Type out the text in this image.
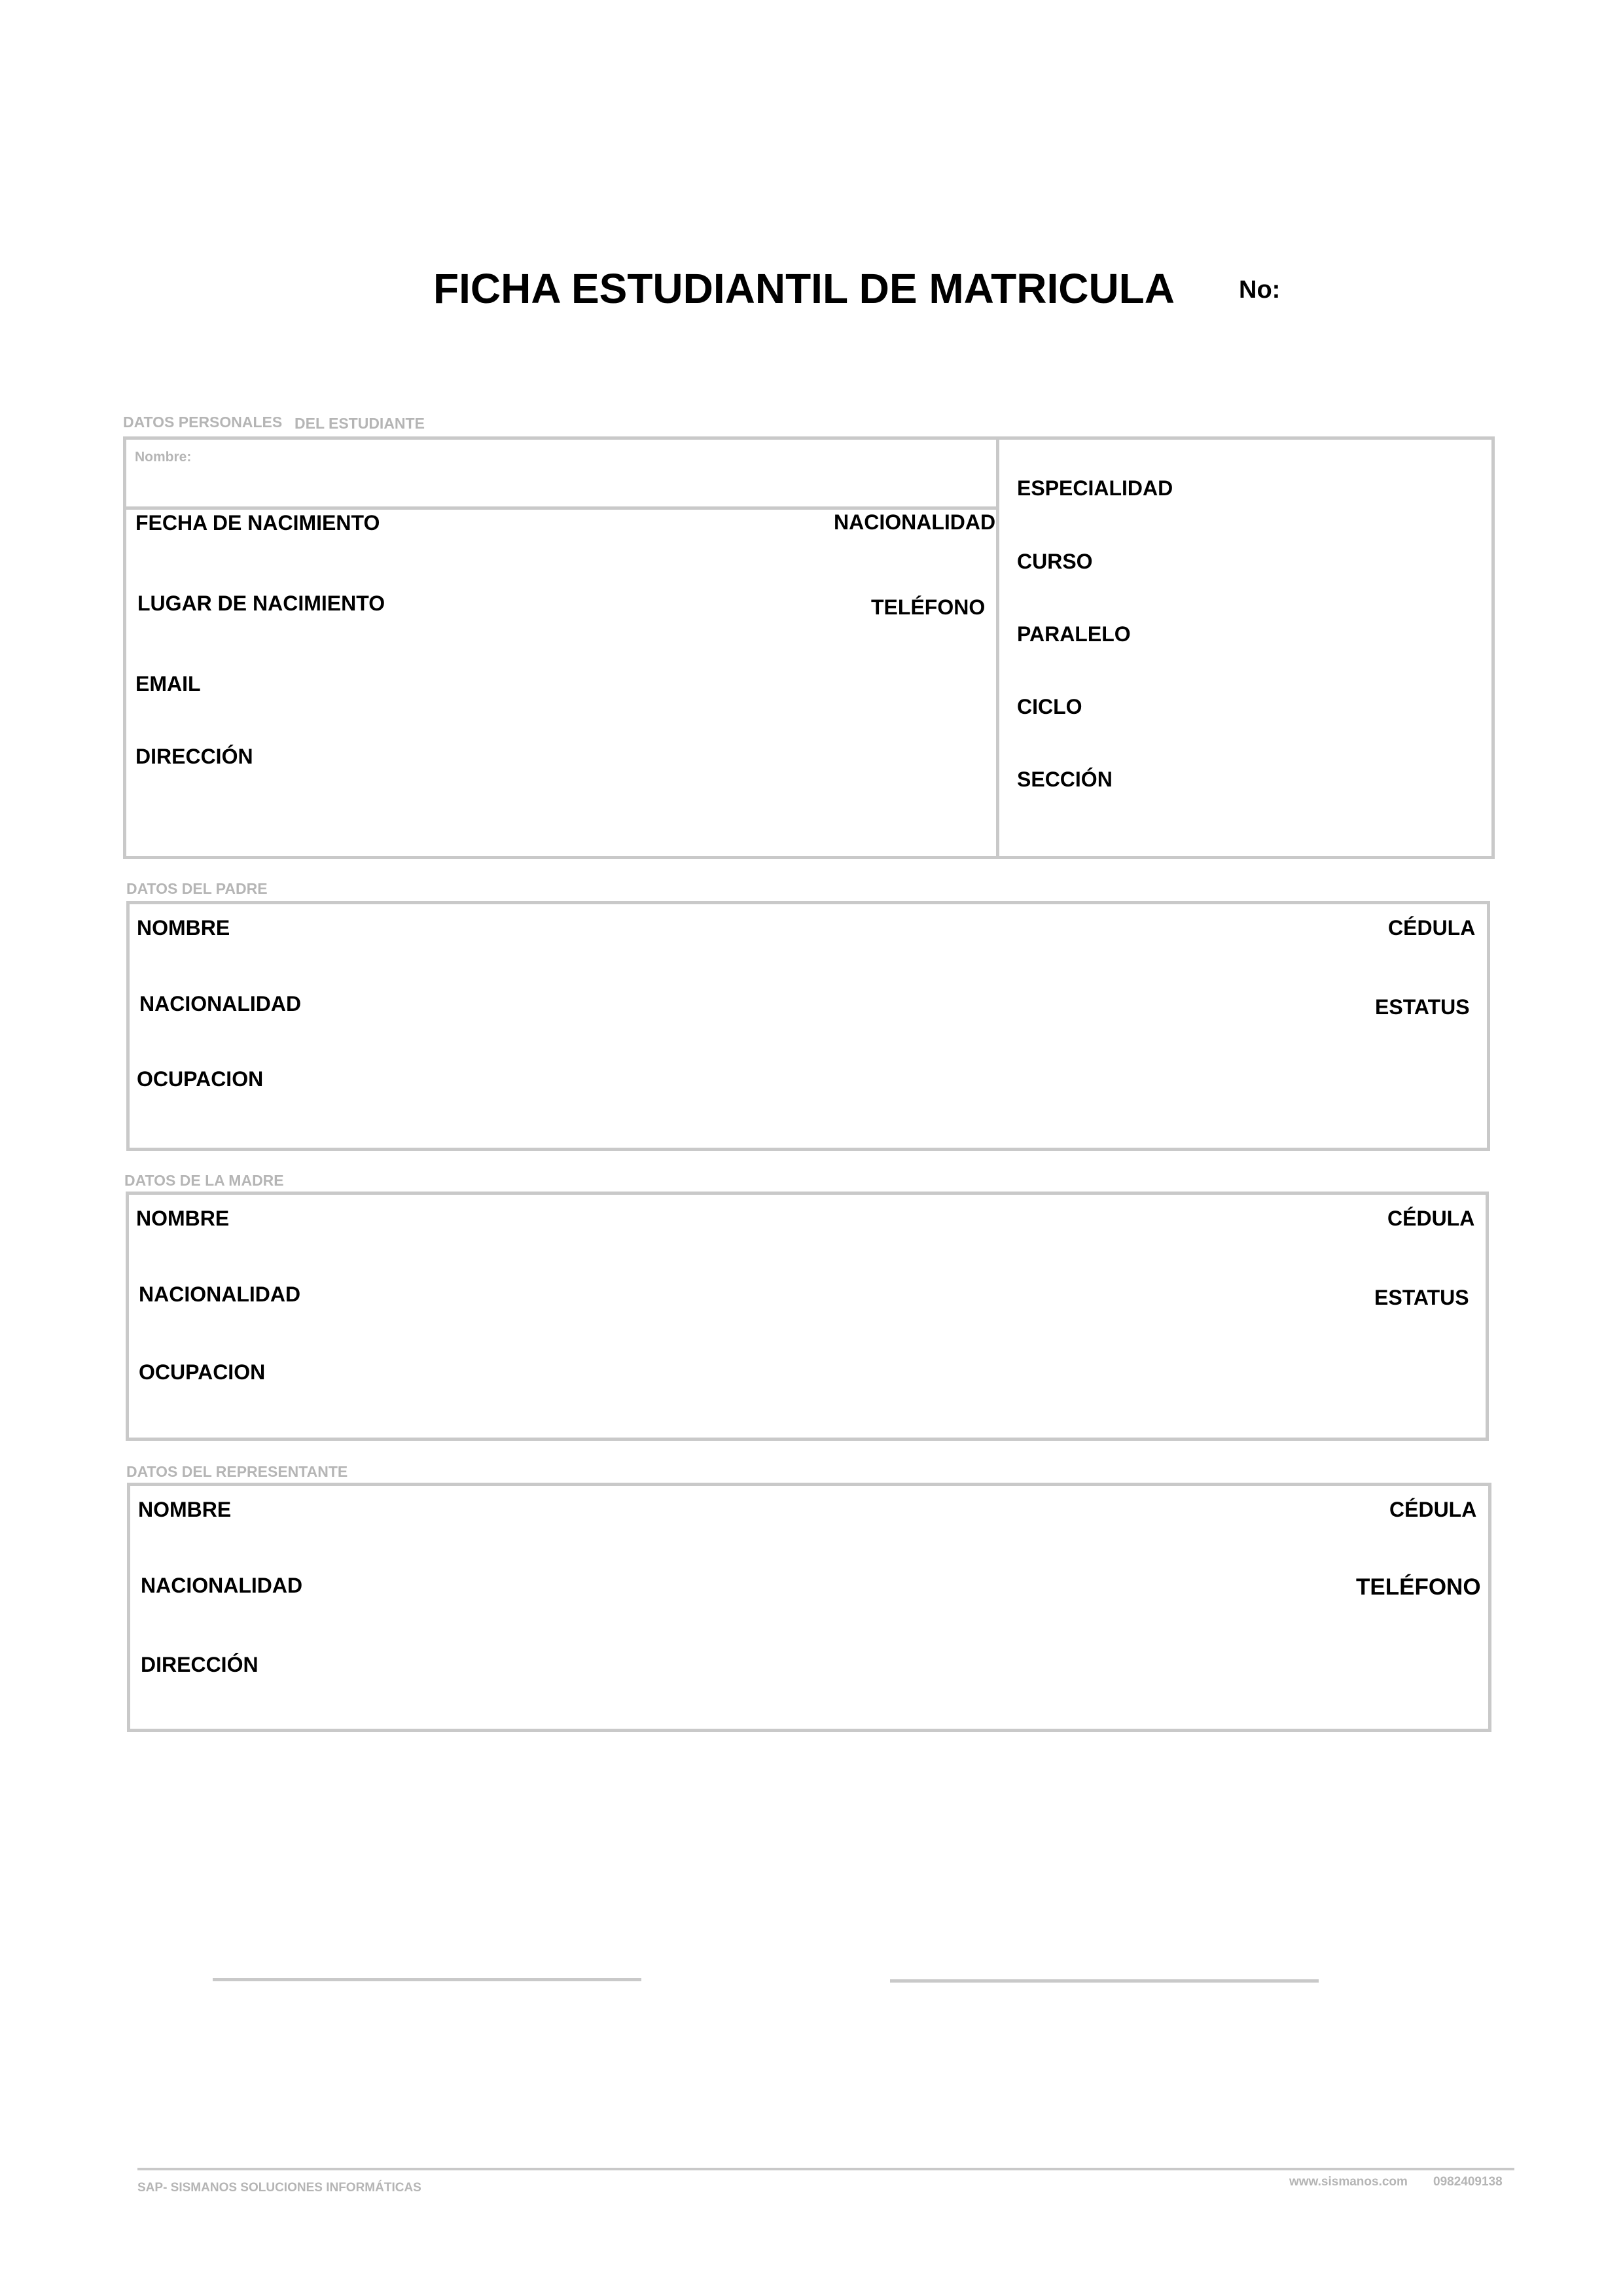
FICHA ESTUDIANTIL DE MATRICULA	No:
DATOS PERSONALES DEL ESTUDIANTE
Nombre:
FECHA DE NACIMIENTO	NACIONALIDAD
LUGAR DE NACIMIENTO	TELÉFONO
EMAIL
DIRECCIÓN
ESPECIALIDAD
CURSO
PARALELO
CICLO
SECCIÓN
DATOS DEL PADRE
NOMBRE	CÉDULA
NACIONALIDAD	ESTATUS
OCUPACION
DATOS DE LA MADRE
NOMBRE	CÉDULA
NACIONALIDAD	ESTATUS
OCUPACION
DATOS DEL REPRESENTANTE
NOMBRE	CÉDULA
NACIONALIDAD	TELÉFONO
DIRECCIÓN
SAP- SISMANOS SOLUCIONES INFORMÁTICAS	www.sismanos.com 0982409138
